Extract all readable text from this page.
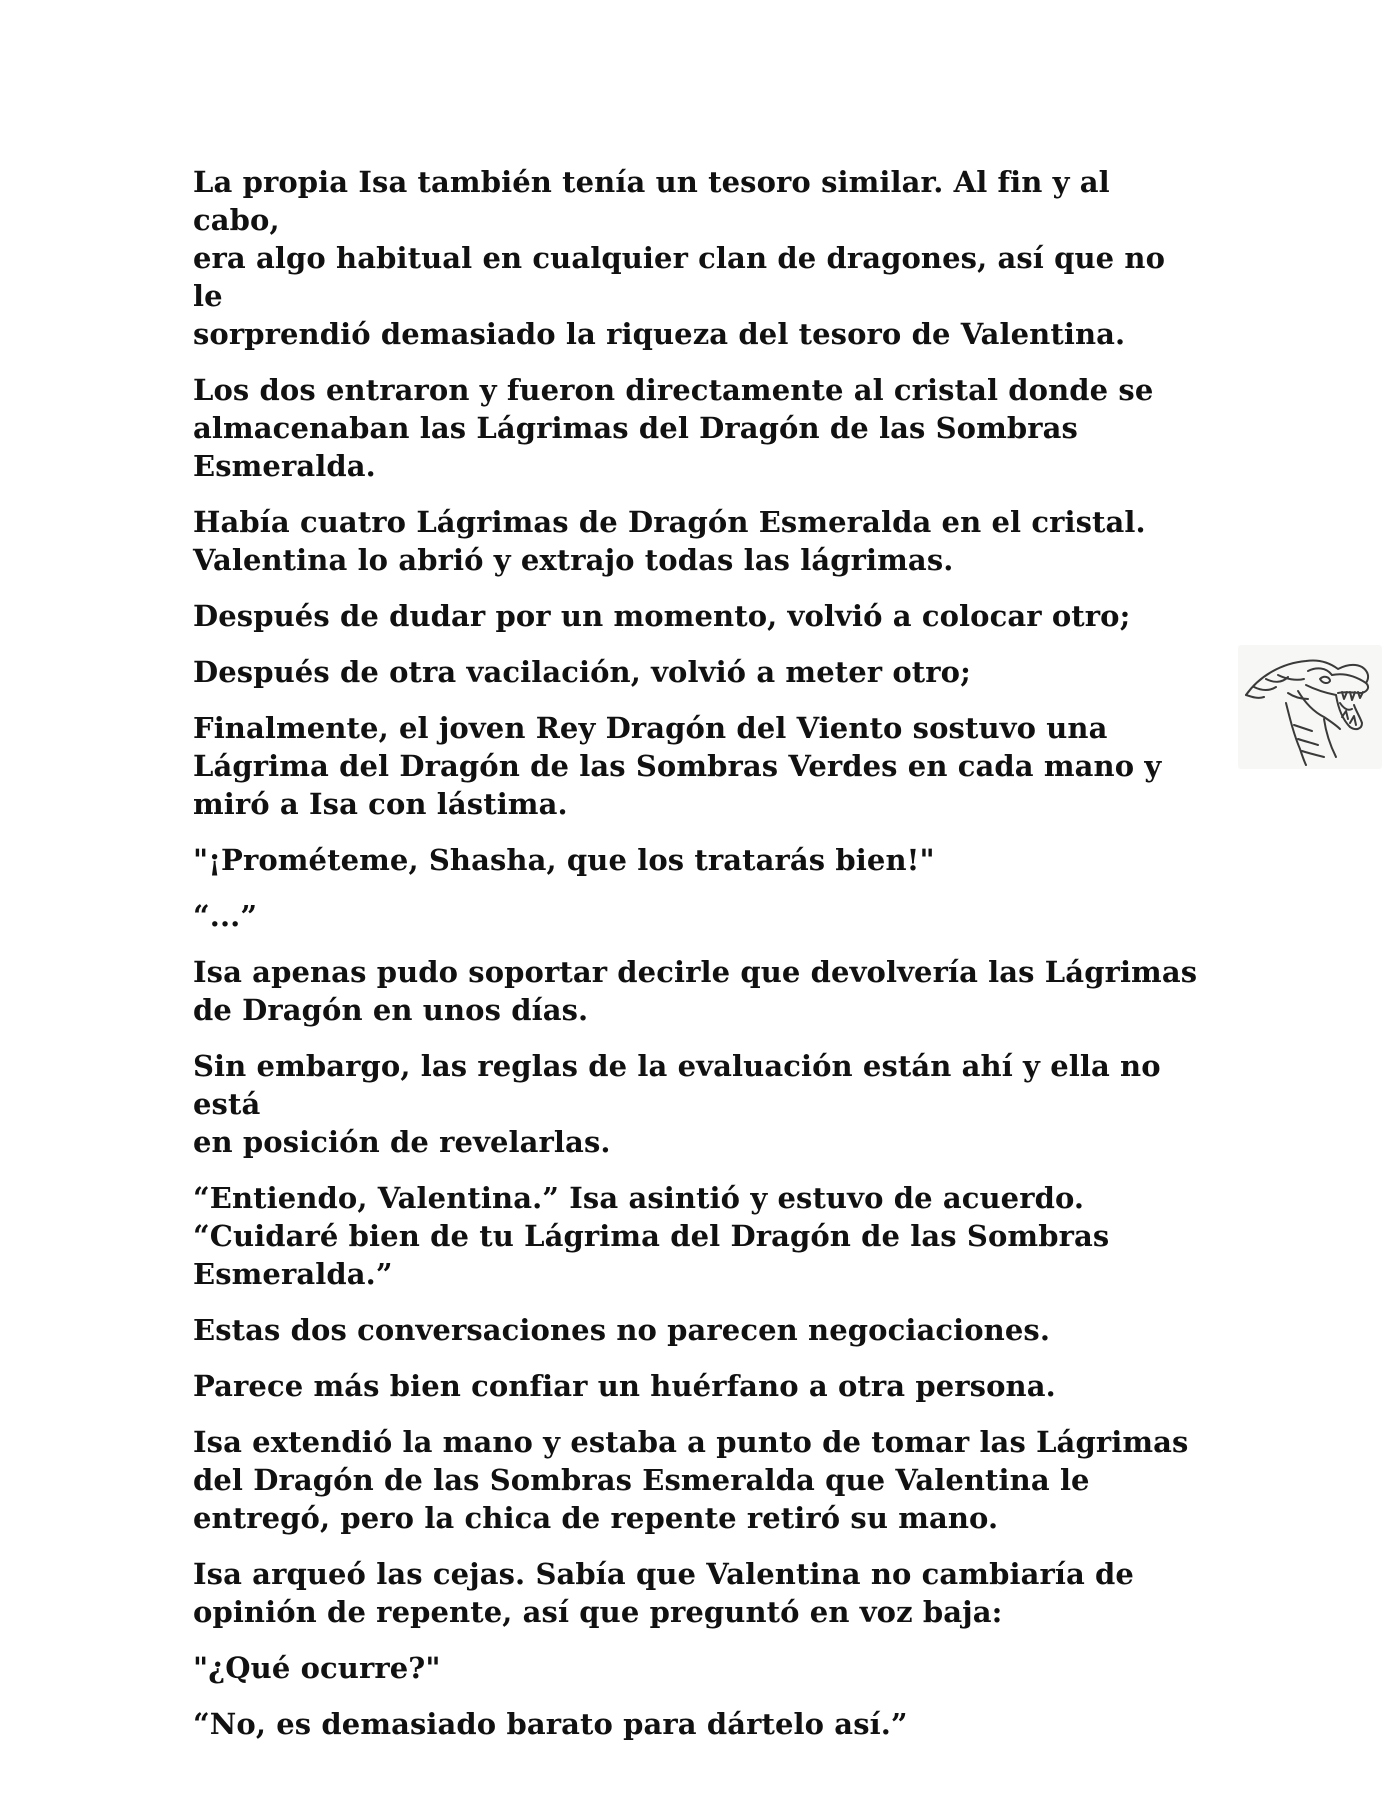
La propia Isa también tenía un tesoro similar. Al fin y al cabo,
era algo habitual en cualquier clan de dragones, así que no le
sorprendió demasiado la riqueza del tesoro de Valentina.

Los dos entraron y fueron directamente al cristal donde se
almacenaban las Lágrimas del Dragón de las Sombras
Esmeralda.

Había cuatro Lágrimas de Dragón Esmeralda en el cristal.
Valentina lo abrió y extrajo todas las lágrimas.

Después de dudar por un momento, volvió a colocar otro;

Después de otra vacilación, volvió a meter otro;

Finalmente, el joven Rey Dragón del Viento sostuvo una
Lágrima del Dragón de las Sombras Verdes en cada mano y
miró a Isa con lástima.

"¡Prométeme, Shasha, que los tratarás bien!"

“...”

Isa apenas pudo soportar decirle que devolvería las Lágrimas
de Dragón en unos días.

Sin embargo, las reglas de la evaluación están ahí y ella no está
en posición de revelarlas.

“Entiendo, Valentina.” Isa asintió y estuvo de acuerdo.
“Cuidaré bien de tu Lágrima del Dragón de las Sombras
Esmeralda.”

Estas dos conversaciones no parecen negociaciones.

Parece más bien confiar un huérfano a otra persona.

Isa extendió la mano y estaba a punto de tomar las Lágrimas
del Dragón de las Sombras Esmeralda que Valentina le
entregó, pero la chica de repente retiró su mano.

Isa arqueó las cejas. Sabía que Valentina no cambiaría de
opinión de repente, así que preguntó en voz baja:

"¿Qué ocurre?"

“No, es demasiado barato para dártelo así.”
